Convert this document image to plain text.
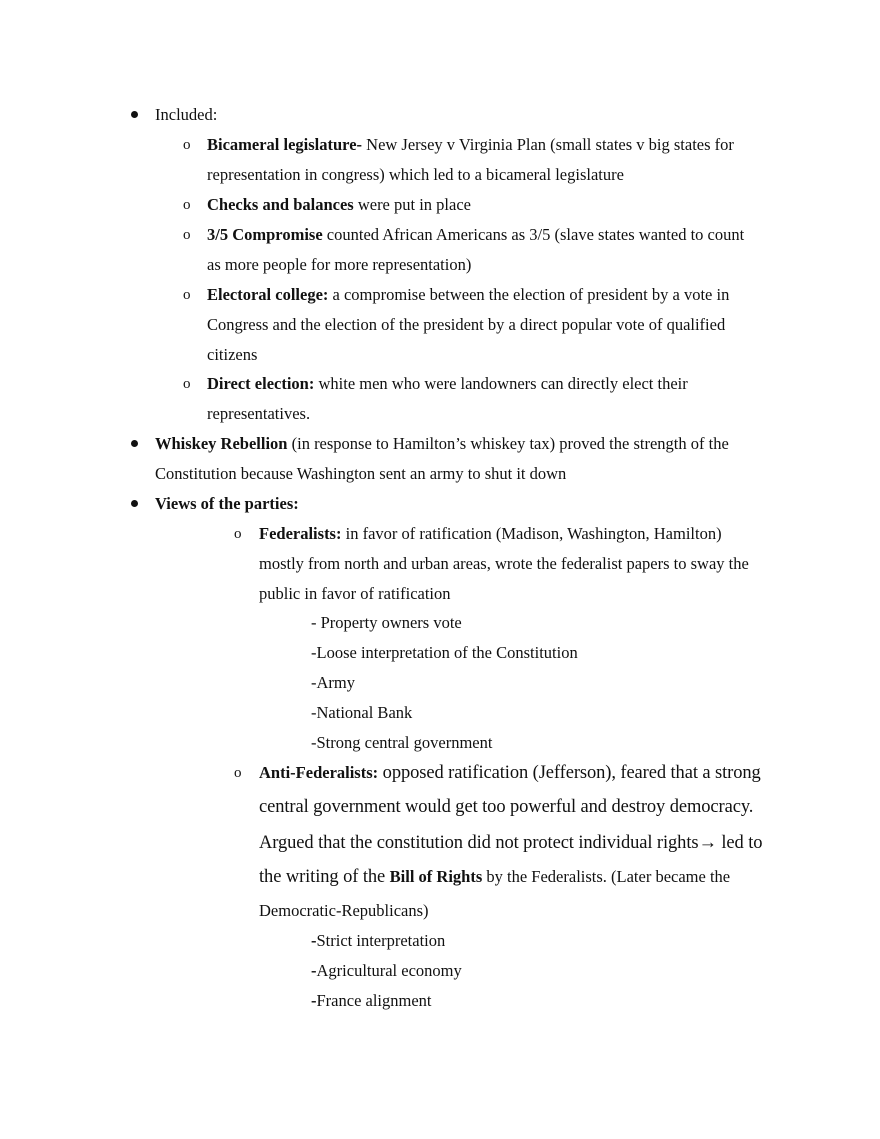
Included:
o Bicameral legislature- New Jersey v Virginia Plan (small states v big states for
representation in congress) which led to a bicameral legislature
o Checks and balances were put in place
o 3/5 Compromise counted African Americans as 3/5 (slave states wanted to count
as more people for more representation)
o Electoral college: a compromise between the election of president by a vote in
Congress and the election of the president by a direct popular vote of qualified
citizens
o Direct election: white men who were landowners can directly elect their
representatives.
Whiskey Rebellion (in response to Hamilton’s whiskey tax) proved the strength of the
Constitution because Washington sent an army to shut it down
Views of the parties:
o Federalists: in favor of ratification (Madison, Washington, Hamilton)
mostly from north and urban areas, wrote the federalist papers to sway the
public in favor of ratification
- Property owners vote
-Loose interpretation of the Constitution
-Army
-National Bank
-Strong central government
o Anti-Federalists: opposed ratification (Jefferson), feared that a strong
central government would get too powerful and destroy democracy.
Argued that the constitution did not protect individual rights→ led to
the writing of the Bill of Rights by the Federalists. (Later became the
Democratic-Republicans)
-Strict interpretation
-Agricultural economy
-France alignment
